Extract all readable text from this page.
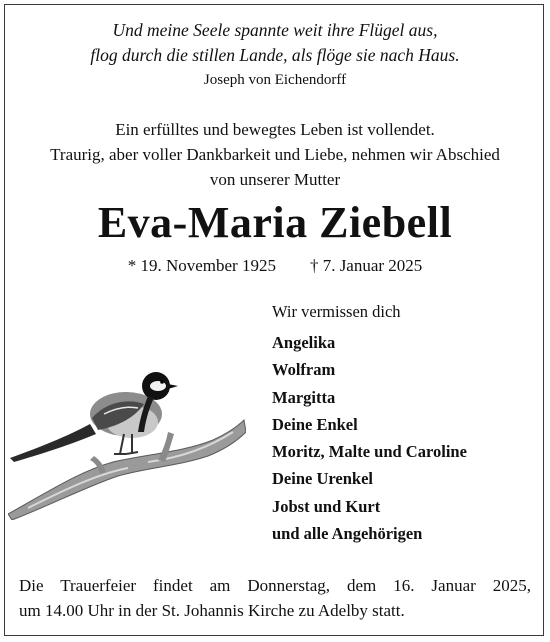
Und meine Seele spannte weit ihre Flügel aus,
flog durch die stillen Lande, als flöge sie nach Haus.
Joseph von Eichendorff
Ein erfülltes und bewegtes Leben ist vollendet.
Traurig, aber voller Dankbarkeit und Liebe, nehmen wir Abschied
von unserer Mutter
Eva-Maria Ziebell
* 19. November 1925        † 7. Januar 2025
Wir vermissen dich
Angelika
Wolfram
Margitta
Deine Enkel
Moritz, Malte und Caroline
Deine Urenkel
Jobst und Kurt
und alle Angehörigen
Die Trauerfeier findet am Donnerstag, dem 16. Januar 2025,
um 14.00 Uhr in der St. Johannis Kirche zu Adelby statt.
